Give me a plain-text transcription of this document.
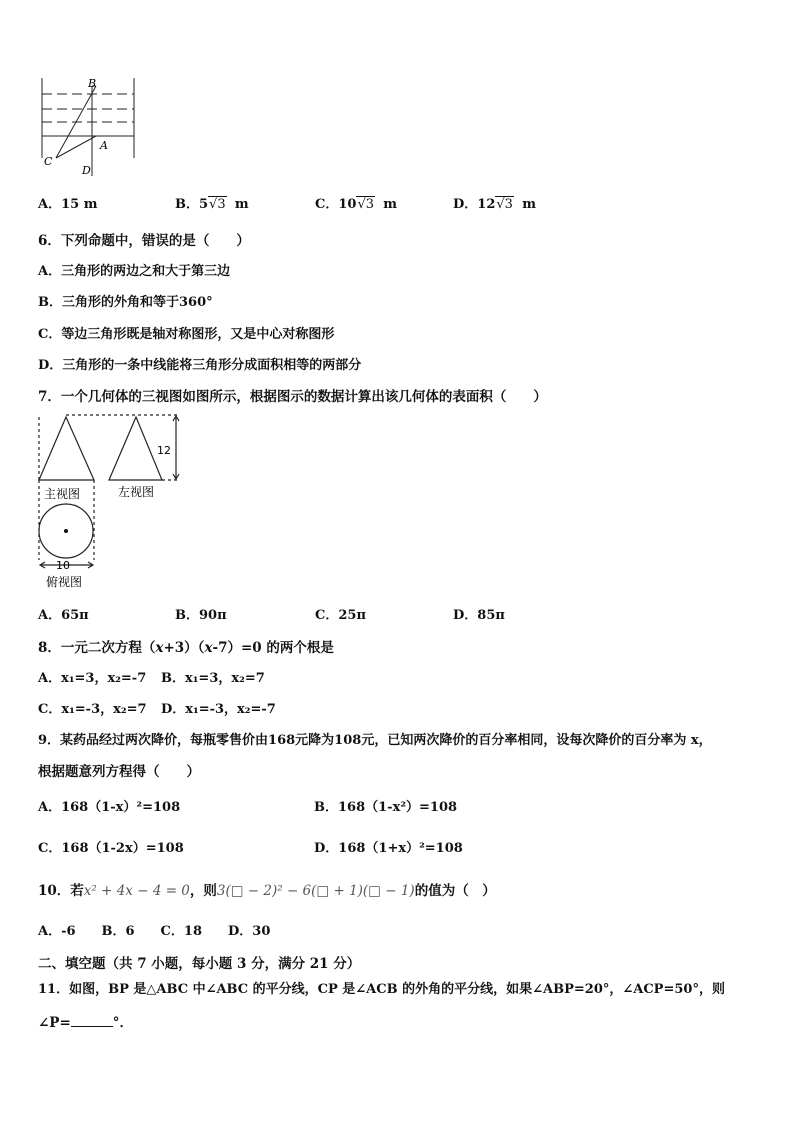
B
A
C
D
A．15 m	B．5√3 m	C．10√3 m	D．12√3 m
6．下列命题中，错误的是（　　）
A．三角形的两边之和大于第三边
B．三角形的外角和等于360°
C．等边三角形既是轴对称图形，又是中心对称图形
D．三角形的一条中线能将三角形分成面积相等的两部分
7．一个几何体的三视图如图所示，根据图示的数据计算出该几何体的表面积（　　）
12
10
主视图	左视图
俯视图
A．65π	B．90π	C．25π	D．85π
8．一元二次方程（x+3）（x-7）=0 的两个根是
A．x₁=3，x₂=-7 B．x₁=3，x₂=7
C．x₁=-3，x₂=7 D．x₁=-3，x₂=-7
9．某药品经过两次降价，每瓶零售价由168元降为108元，已知两次降价的百分率相同，设每次降价的百分率为 x，
根据题意列方程得（　　）
A．168（1-x）²=108	B．168（1-x²）=108
C．168（1-2x）=108	D．168（1+x）²=108
10．若x² + 4x − 4 = 0，则3(□ − 2)² − 6(□ + 1)(□ − 1)的值为（　）
A．-6　　B．6　　C．18　　D．30
二、填空题（共 7 小题，每小题 3 分，满分 21 分）
11．如图，BP 是△ABC 中∠ABC 的平分线，CP 是∠ACB 的外角的平分线，如果∠ABP=20°，∠ACP=50°，则
∠P=	°．
